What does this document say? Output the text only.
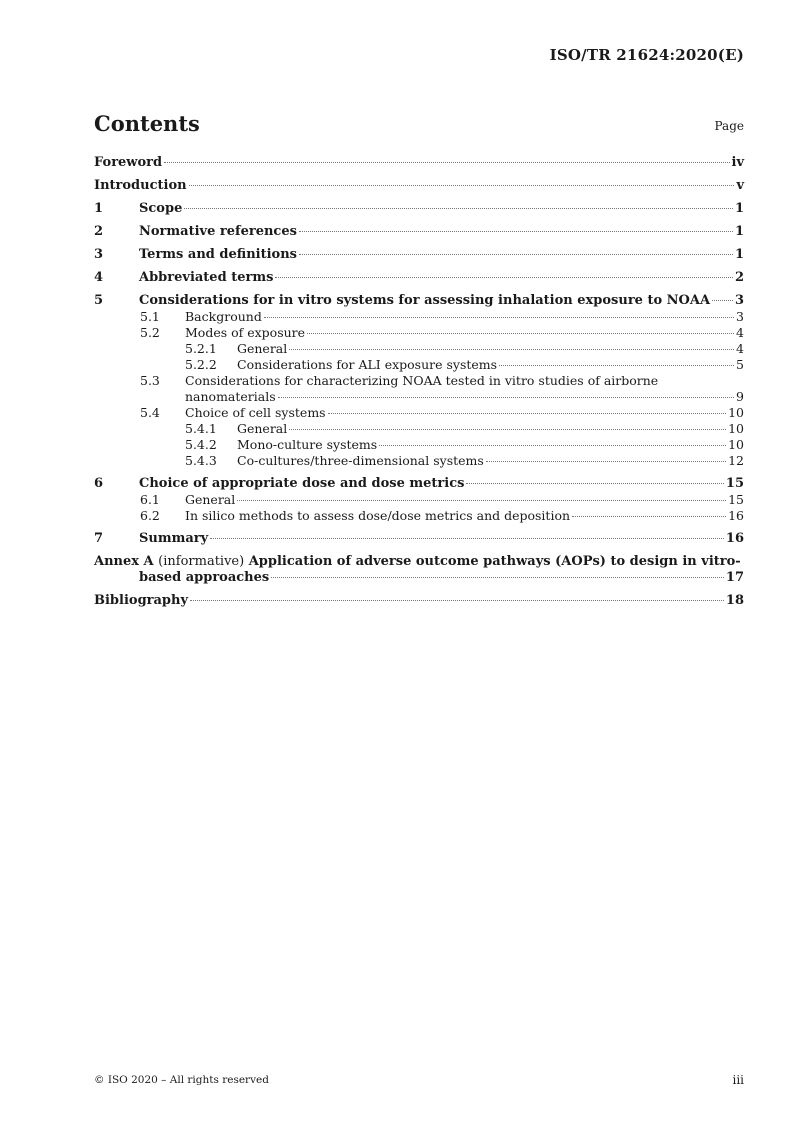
ISO/TR 21624:2020(E)
Contents	Page
Foreword	iv
Introduction	v
1	Scope	1
2	Normative references	1
3	Terms and definitions	1
4	Abbreviated terms	2
5	Considerations for in vitro systems for assessing inhalation exposure to NOAA 3
5.1	Background	3
5.2	Modes of exposure	4
5.2.1	General	4
5.2.2	Considerations for ALI exposure systems	5
5.3	Considerations for characterizing NOAA tested in vitro studies of airborne
nanomaterials	9
5.4	Choice of cell systems	10
5.4.1	General	10
5.4.2	Mono-culture systems	10
5.4.3	Co-cultures/three-dimensional systems	12
6	Choice of appropriate dose and dose metrics	15
6.1	General	15
6.2	In silico methods to assess dose/dose metrics and deposition	16
7	Summary	16
Annex A (informative) Application of adverse outcome pathways (AOPs) to design in vitro-
based approaches	17
Bibliography	18
© ISO 2020 – All rights reserved	iii
